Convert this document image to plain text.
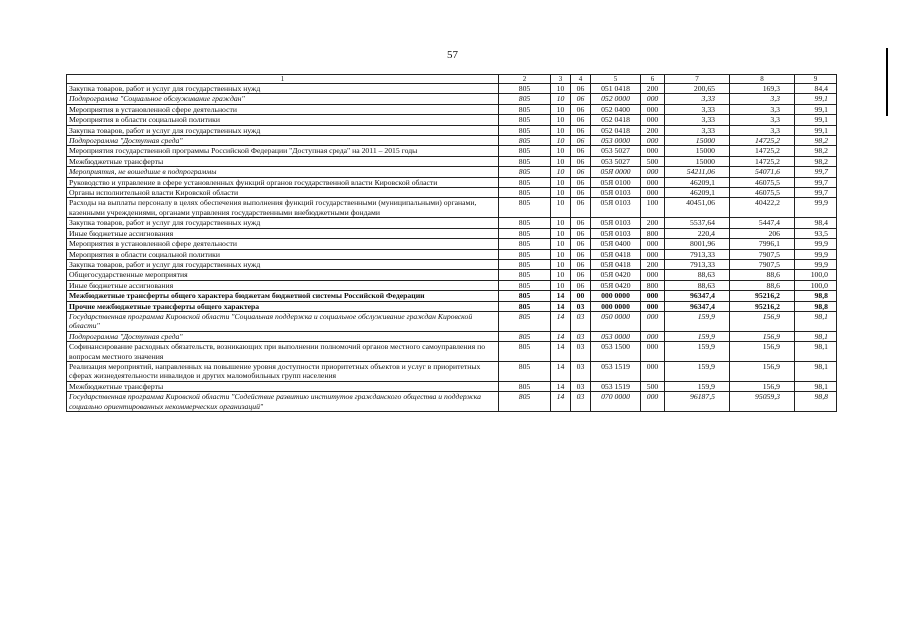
57
1	2	3	4	5	6	7	8	9
Закупка товаров, работ и услуг для государственных нужд	805	10	06	051 0418	200	200,65	169,3	84,4
Подпрограмма "Социальное обслуживание граждан"	805	10	06	052 0000	000	3,33	3,3	99,1
Мероприятия в установленной сфере деятельности	805	10	06	052 0400	000	3,33	3,3	99,1
Мероприятия в области социальной политики	805	10	06	052 0418	000	3,33	3,3	99,1
Закупка товаров, работ и услуг для государственных нужд	805	10	06	052 0418	200	3,33	3,3	99,1
Подпрограмма "Доступная среда"	805	10	06	053 0000	000	15000	14725,2	98,2
Мероприятия государственной программы Российской Федерации "Доступная среда" на 2011 – 2015 годы	805	10	06	053 5027	000	15000	14725,2	98,2
Межбюджетные трансферты	805	10	06	053 5027	500	15000	14725,2	98,2
Мероприятия, не вошедшие в подпрограммы	805	10	06	05Я 0000	000	54211,06	54071,6	99,7
Руководство и управление в сфере установленных функций органов государственной власти Кировской области	805	10	06	05Я 0100	000	46209,1	46075,5	99,7
Органы исполнительной власти Кировской области	805	10	06	05Я 0103	000	46209,1	46075,5	99,7
Расходы на выплаты персоналу в целях обеспечения выполнения функций государственными (муниципальными) органами, казенными учреждениями, органами управления государственными внебюджетными фондами	805	10	06	05Я 0103	100	40451,06	40422,2	99,9
Закупка товаров, работ и услуг для государственных нужд	805	10	06	05Я 0103	200	5537,64	5447,4	98,4
Иные бюджетные ассигнования	805	10	06	05Я 0103	800	220,4	206	93,5
Мероприятия в установленной сфере деятельности	805	10	06	05Я 0400	000	8001,96	7996,1	99,9
Мероприятия в области социальной политики	805	10	06	05Я 0418	000	7913,33	7907,5	99,9
Закупка товаров, работ и услуг для государственных нужд	805	10	06	05Я 0418	200	7913,33	7907,5	99,9
Общегосударственные мероприятия	805	10	06	05Я 0420	000	88,63	88,6	100,0
Иные бюджетные ассигнования	805	10	06	05Я 0420	800	88,63	88,6	100,0
Межбюджетные трансферты общего характера бюджетам бюджетной системы Российской Федерации	805	14	00	000 0000	000	96347,4	95216,2	98,8
Прочие межбюджетные трансферты общего характера	805	14	03	000 0000	000	96347,4	95216,2	98,8
Государственная программа Кировской области "Социальная поддержка и социальное обслуживание граждан Кировской области"	805	14	03	050 0000	000	159,9	156,9	98,1
Подпрограмма "Доступная среда"	805	14	03	053 0000	000	159,9	156,9	98,1
Софинансирование расходных обязательств, возникающих при выполнении полномочий органов местного самоуправления по вопросам местного значения	805	14	03	053 1500	000	159,9	156,9	98,1
Реализация мероприятий, направленных на повышение уровня доступности приоритетных объектов и услуг в приоритетных сферах жизнедеятельности инвалидов и других маломобильных групп населения	805	14	03	053 1519	000	159,9	156,9	98,1
Межбюджетные трансферты	805	14	03	053 1519	500	159,9	156,9	98,1
Государственная программа Кировской области "Содействие развитию институтов гражданского общества и поддержка социально ориентированных некоммерческих организаций"	805	14	03	070 0000	000	96187,5	95059,3	98,8
